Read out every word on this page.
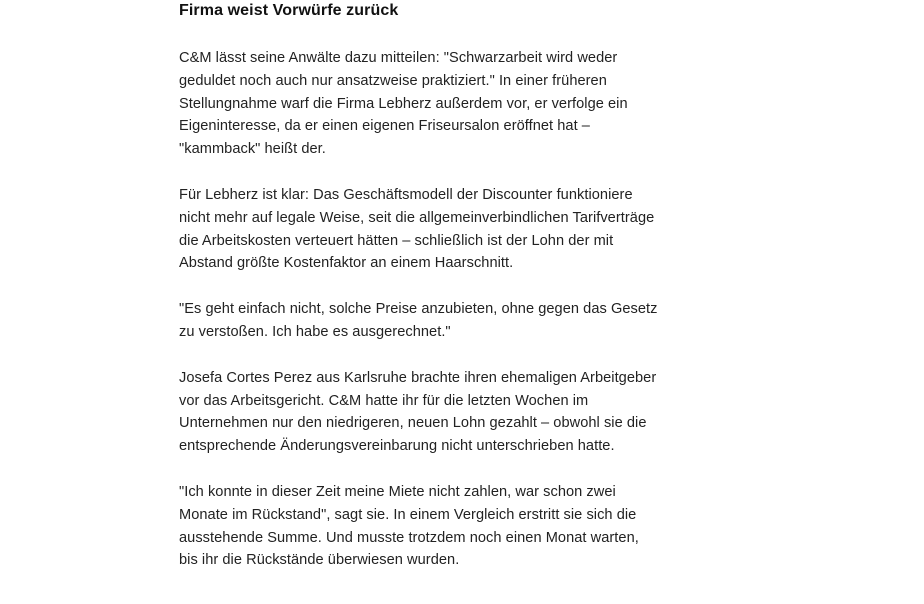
Firma weist Vorwürfe zurück

C&M lässt seine Anwälte dazu mitteilen: "Schwarzarbeit wird weder geduldet noch auch nur ansatzweise praktiziert." In einer früheren Stellungnahme warf die Firma Lebherz außerdem vor, er verfolge ein Eigeninteresse, da er einen eigenen Friseursalon eröffnet hat – "kammback" heißt der.

Für Lebherz ist klar: Das Geschäftsmodell der Discounter funktioniere nicht mehr auf legale Weise, seit die allgemeinverbindlichen Tarifverträge die Arbeitskosten verteuert hätten – schließlich ist der Lohn der mit Abstand größte Kostenfaktor an einem Haarschnitt.

"Es geht einfach nicht, solche Preise anzubieten, ohne gegen das Gesetz zu verstoßen. Ich habe es ausgerechnet."

Josefa Cortes Perez aus Karlsruhe brachte ihren ehemaligen Arbeitgeber vor das Arbeitsgericht. C&M hatte ihr für die letzten Wochen im Unternehmen nur den niedrigeren, neuen Lohn gezahlt – obwohl sie die entsprechende Änderungsvereinbarung nicht unterschrieben hatte.

"Ich konnte in dieser Zeit meine Miete nicht zahlen, war schon zwei Monate im Rückstand", sagt sie. In einem Vergleich erstritt sie sich die ausstehende Summe. Und musste trotzdem noch einen Monat warten, bis ihr die Rückstände überwiesen wurden.
